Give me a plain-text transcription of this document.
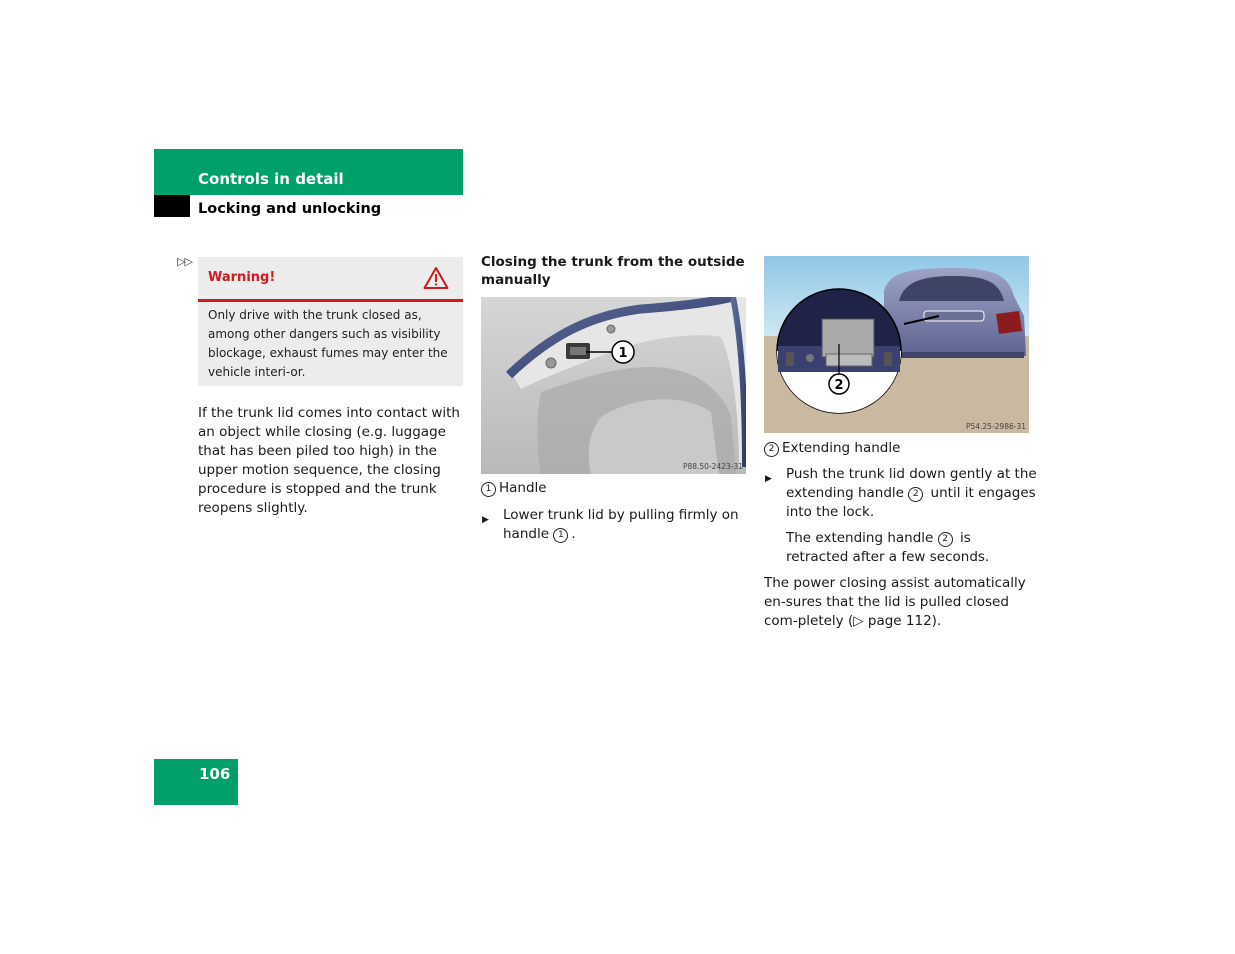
Controls in detail
Locking and unlocking
▷▷
Warning!
Only drive with the trunk closed as, among other dangers such as visibility blockage, exhaust fumes may enter the vehicle interi-or.
If the trunk lid comes into contact with an object while closing (e.g. luggage that has been piled too high) in the upper motion sequence, the closing procedure is stopped and the trunk reopens slightly.
Closing the trunk from the outside manually
1
P88.50-2423-31
1 Handle
▶ Lower trunk lid by pulling firmly on handle 1 .
2
P54.25-2986-31
2 Extending handle
▶ Push the trunk lid down gently at the extending handle 2 until it engages into the lock.
The extending handle 2 is retracted after a few seconds.
The power closing assist automatically en-sures that the lid is pulled closed com-pletely (▷ page 112).
106
